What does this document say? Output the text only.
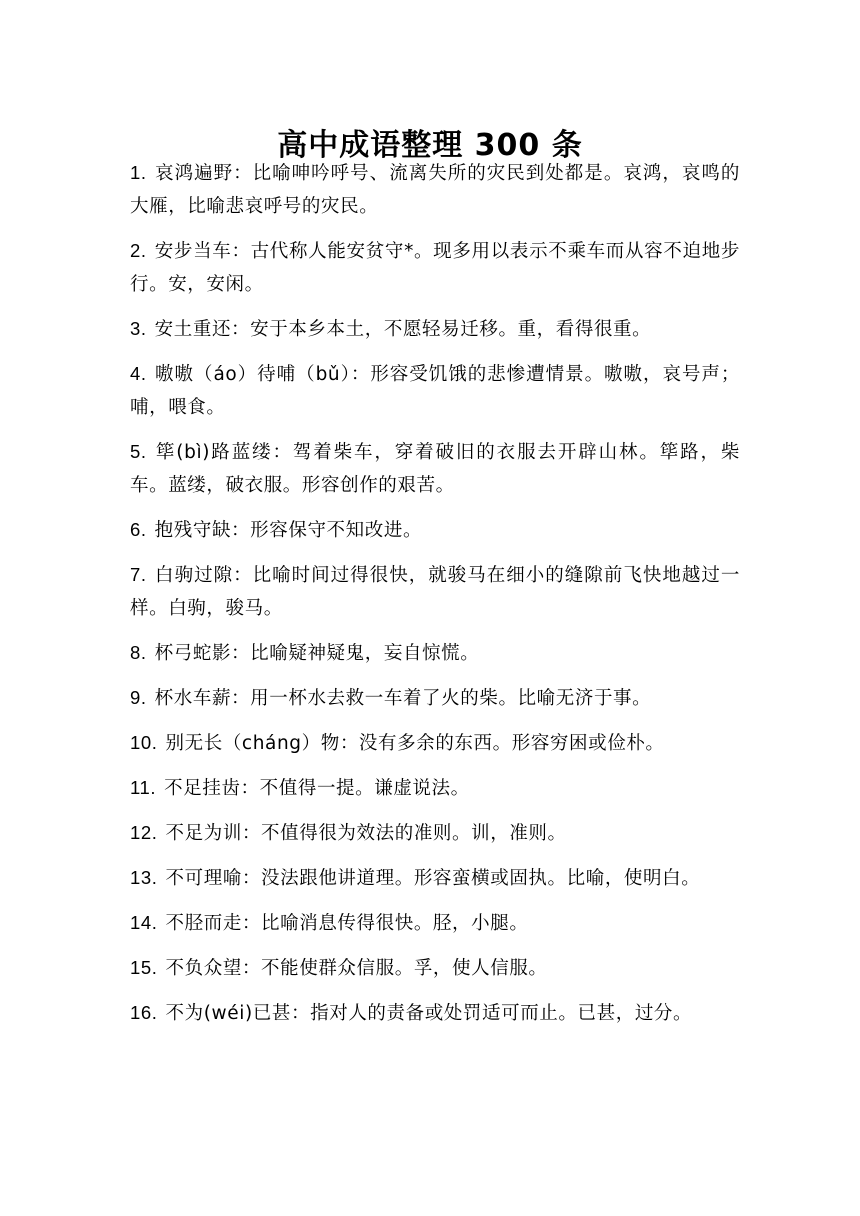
高中成语整理 300 条

1. 哀鸿遍野：比喻呻吟呼号、流离失所的灾民到处都是。哀鸿，哀鸣的大雁，比喻悲哀呼号的灾民。

2. 安步当车：古代称人能安贫守*。现多用以表示不乘车而从容不迫地步行。安，安闲。

3. 安土重还：安于本乡本土，不愿轻易迁移。重，看得很重。

4. 嗷嗷（áo）待哺（bǔ）：形容受饥饿的悲惨遭情景。嗷嗷，哀号声；哺，喂食。

5. 筚(bì)路蓝缕：驾着柴车，穿着破旧的衣服去开辟山林。筚路，柴车。蓝缕，破衣服。形容创作的艰苦。

6. 抱残守缺：形容保守不知改进。

7. 白驹过隙：比喻时间过得很快，就骏马在细小的缝隙前飞快地越过一样。白驹，骏马。

8. 杯弓蛇影：比喻疑神疑鬼，妄自惊慌。

9. 杯水车薪：用一杯水去救一车着了火的柴。比喻无济于事。

10. 别无长（cháng）物：没有多余的东西。形容穷困或俭朴。

11. 不足挂齿：不值得一提。谦虚说法。

12. 不足为训：不值得很为效法的准则。训，准则。

13. 不可理喻：没法跟他讲道理。形容蛮横或固执。比喻，使明白。

14. 不胫而走：比喻消息传得很快。胫，小腿。

15. 不负众望：不能使群众信服。孚，使人信服。

16. 不为(wéi)已甚：指对人的责备或处罚适可而止。已甚，过分。
